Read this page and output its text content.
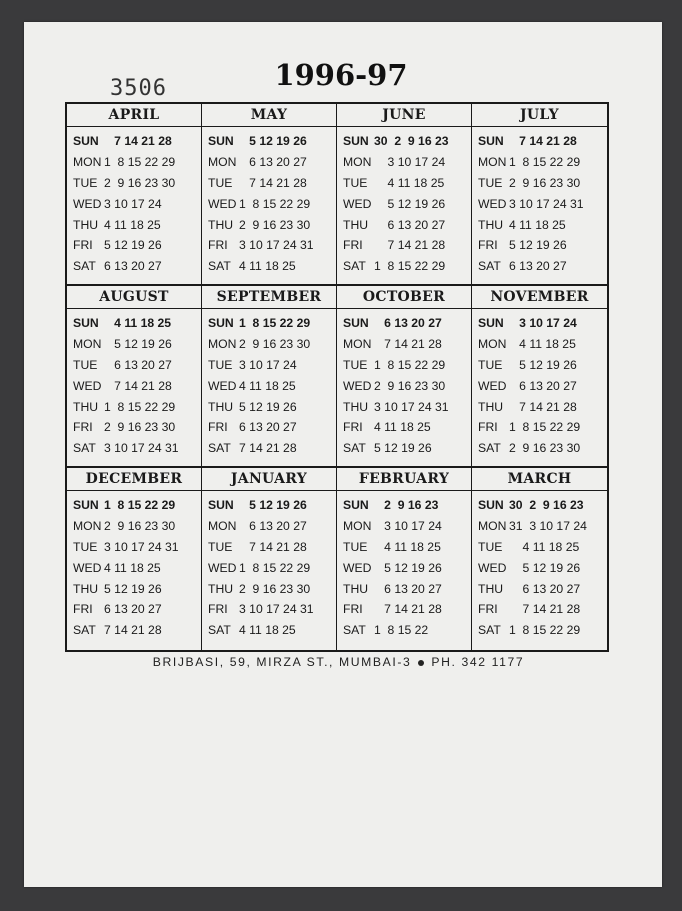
3506	1996-97
APRIL
SUN 7 14 21 28
MON 1  8 15 22 29
TUE 2  9 16 23 30
WED 3 10 17 24
THU 4 11 18 25
FRI 5 12 19 26
SAT 6 13 20 27
MAY
SUN 5 12 19 26
MON 6 13 20 27
TUE 7 14 21 28
WED 1  8 15 22 29
THU 2  9 16 23 30
FRI 3 10 17 24 31
SAT 4 11 18 25
JUNE
SUN 30  2  9 16 23
MON 3 10 17 24
TUE 4 11 18 25
WED 5 12 19 26
THU 6 13 20 27
FRI 7 14 21 28
SAT 1  8 15 22 29
JULY
SUN 7 14 21 28
MON 1  8 15 22 29
TUE 2  9 16 23 30
WED 3 10 17 24 31
THU 4 11 18 25
FRI 5 12 19 26
SAT 6 13 20 27
AUGUST
SUN 4 11 18 25
MON 5 12 19 26
TUE 6 13 20 27
WED 7 14 21 28
THU 1  8 15 22 29
FRI 2  9 16 23 30
SAT 3 10 17 24 31
SEPTEMBER
SUN 1  8 15 22 29
MON 2  9 16 23 30
TUE 3 10 17 24
WED 4 11 18 25
THU 5 12 19 26
FRI 6 13 20 27
SAT 7 14 21 28
OCTOBER
SUN 6 13 20 27
MON 7 14 21 28
TUE 1  8 15 22 29
WED 2  9 16 23 30
THU 3 10 17 24 31
FRI 4 11 18 25
SAT 5 12 19 26
NOVEMBER
SUN 3 10 17 24
MON 4 11 18 25
TUE 5 12 19 26
WED 6 13 20 27
THU 7 14 21 28
FRI 1  8 15 22 29
SAT 2  9 16 23 30
DECEMBER
SUN 1  8 15 22 29
MON 2  9 16 23 30
TUE 3 10 17 24 31
WED 4 11 18 25
THU 5 12 19 26
FRI 6 13 20 27
SAT 7 14 21 28
JANUARY
SUN 5 12 19 26
MON 6 13 20 27
TUE 7 14 21 28
WED 1  8 15 22 29
THU 2  9 16 23 30
FRI 3 10 17 24 31
SAT 4 11 18 25
FEBRUARY
SUN 2  9 16 23
MON 3 10 17 24
TUE 4 11 18 25
WED 5 12 19 26
THU 6 13 20 27
FRI 7 14 21 28
SAT 1  8 15 22
MARCH
SUN 30  2  9 16 23
MON 31  3 10 17 24
TUE 4 11 18 25
WED 5 12 19 26
THU 6 13 20 27
FRI 7 14 21 28
SAT 1  8 15 22 29
BRIJBASI, 59, MIRZA ST., MUMBAI-3 PH. 342 1177
